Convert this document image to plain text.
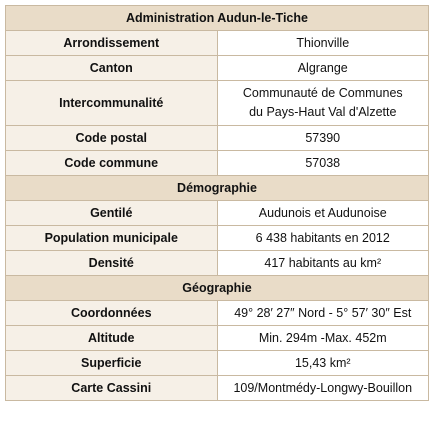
Administration Audun-le-Tiche	
Arrondissement	Thionville
Canton	Algrange
Intercommunalité	Communauté de Communes
du Pays-Haut Val d'Alzette

Code postal	57390
Code commune	57038
Démographie	
Gentilé	Audunois et Audunoise
Population municipale	6 438 habitants en 2012
Densité	417 habitants au km²
Géographie	
Coordonnées	49° 28′ 27″ Nord - 5° 57′ 30″ Est
Altitude	Min. 294m -Max. 452m
Superficie	15,43 km²
Carte Cassini	109/Montmédy-Longwy-Bouillon
